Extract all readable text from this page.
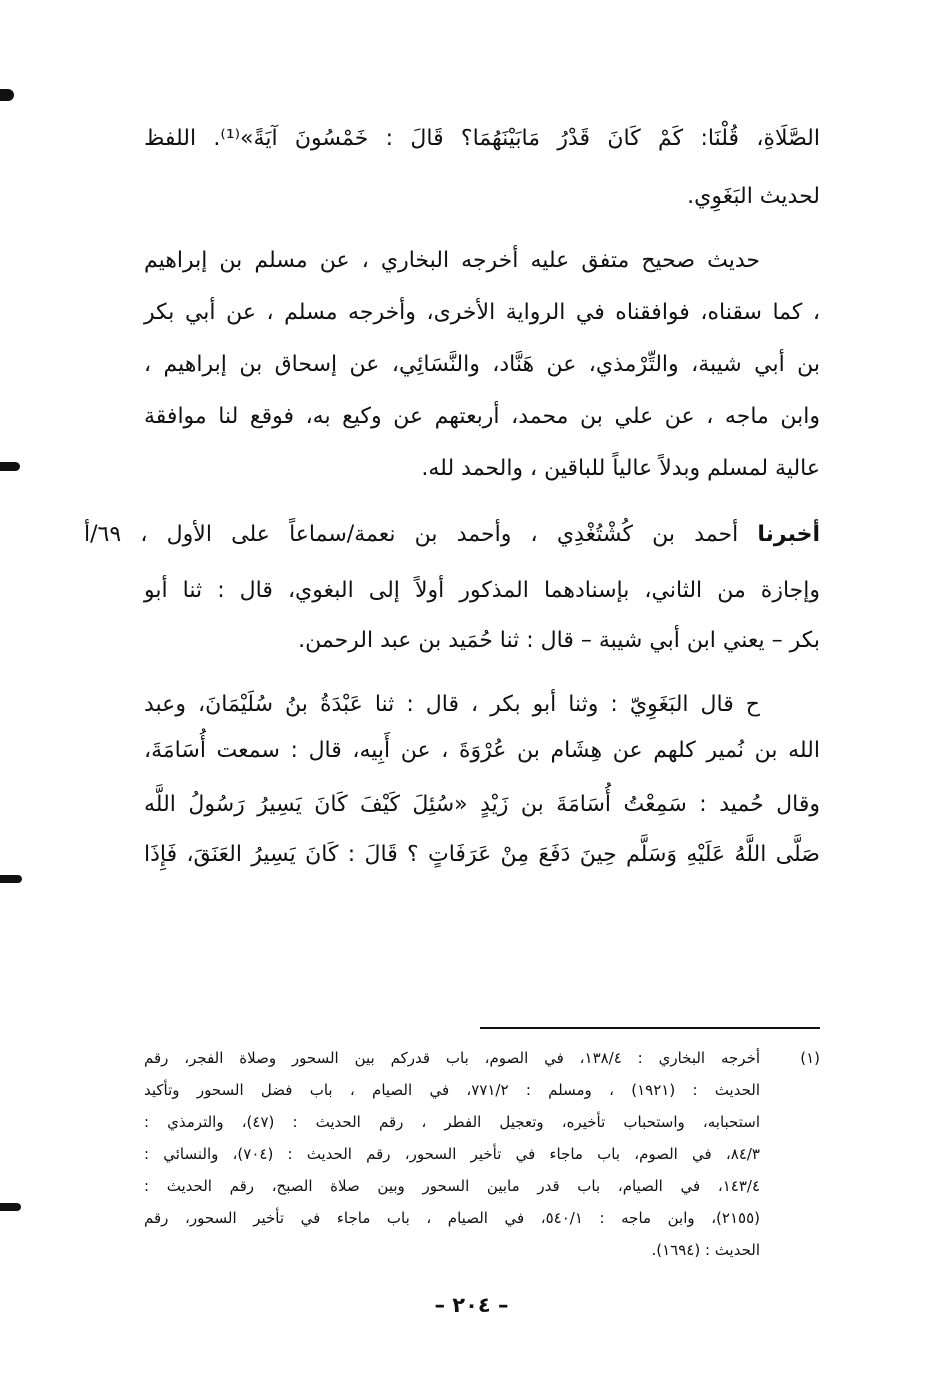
الصَّلَاةِ، قُلْنَا: كَمْ كَانَ قَدْرُ مَابَيْنَهُمَا؟ قَالَ : خَمْسُونَ آيَةً»⁽¹⁾. اللفظ
لحديث البَغَوِي.
حديث صحيح متفق عليه أخرجه البخاري ، عن مسلم بن إبراهيم
، كما سقناه، فوافقناه في الرواية الأخرى، وأخرجه مسلم ، عن أبي بكر
بن أبي شيبة، والتِّرْمذي، عن هَنَّاد، والنَّسَائِي، عن إسحاق بن إبراهيم ،
وابن ماجه ، عن علي بن محمد، أربعتهم عن وكيع به، فوقع لنا موافقة
عالية لمسلم وبدلاً عالياً للباقين ، والحمد لله.
أخبرنا أحمد بن كُشْتُغْدِي ، وأحمد بن نعمة/سماعاً على الأول ، ٦٩/أ
وإجازة من الثاني، بإسنادهما المذكور أولاً إلى البغوي، قال : ثنا أبو
بكر – يعني ابن أبي شيبة – قال : ثنا حُمَيد بن عبد الرحمن.
ح قال البَغَوِيّ : وثنا أبو بكر ، قال : ثنا عَبْدَةُ بنُ سُلَيْمَانَ، وعبد
الله بن نُمير كلهم عن هِشَام بن عُرْوَةَ ، عن أَبِيه، قال : سمعت أُسَامَةَ،
وقال حُميد : سَمِعْتُ أُسَامَةَ بن زَيْدٍ «سُئِلَ كَيْفَ كَانَ يَسِيرُ رَسُولُ اللَّه
صَلَّى اللَّهُ عَلَيْهِ وَسَلَّم حِينَ دَفَعَ مِنْ عَرَفَاتٍ ؟ قَالَ : كَانَ يَسِيرُ العَنَقَ، فَإِذَا
(١)
أخرجه البخاري : ١٣٨/٤، في الصوم، باب قدركم بين السحور وصلاة الفجر، رقم
الحديث : (١٩٢١) ، ومسلم : ٧٧١/٢، في الصيام ، باب فضل السحور وتأكيد
استحبابه، واستحباب تأخيره، وتعجيل الفطر ، رقم الحديث : (٤٧)، والترمذي :
٨٤/٣، في الصوم، باب ماجاء في تأخير السحور، رقم الحديث : (٧٠٤)، والنسائي :
١٤٣/٤، في الصيام، باب قدر مابين السحور وبين صلاة الصبح، رقم الحديث :
(٢١٥٥)، وابن ماجه : ٥٤٠/١، في الصيام ، باب ماجاء في تأخير السحور، رقم
الحديث : (١٦٩٤).
– ٢٠٤ –
